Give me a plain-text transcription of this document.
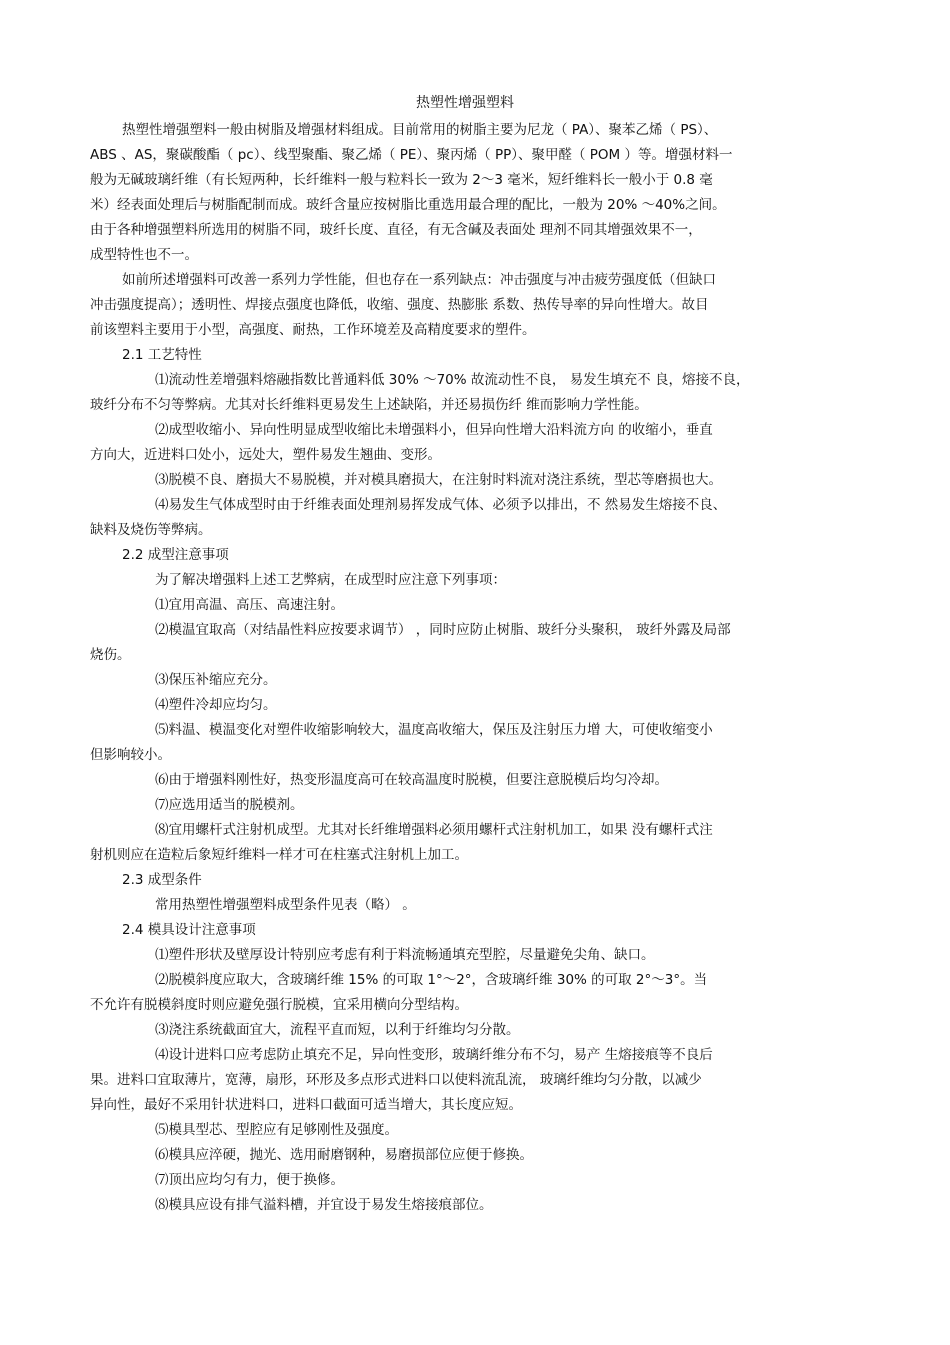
热塑性增强塑料
热塑性增强塑料一般由树脂及增强材料组成。目前常用的树脂主要为尼龙（ PA）、聚苯乙烯（ PS）、
ABS 、AS，聚碳酸酯（ pc）、线型聚酯、聚乙烯（ PE）、聚丙烯（ PP）、聚甲醛（ POM ）等。增强材料一
般为无碱玻璃纤维（有长短两种，长纤维料一般与粒料长一致为 2～3 毫米，短纤维料长一般小于 0.8 毫
米）经表面处理后与树脂配制而成。玻纤含量应按树脂比重选用最合理的配比，一般为 20% ～40%之间。
由于各种增强塑料所选用的树脂不同，玻纤长度、直径，有无含碱及表面处 理剂不同其增强效果不一，
成型特性也不一。
如前所述增强料可改善一系列力学性能，但也存在一系列缺点：冲击强度与冲击疲劳强度低（但缺口
冲击强度提高）；透明性、焊接点强度也降低，收缩、强度、热膨胀 系数、热传导率的异向性增大。故目
前该塑料主要用于小型，高强度、耐热，工作环境差及高精度要求的塑件。
2.1 工艺特性
⑴流动性差增强料熔融指数比普通料低 30% ～70% 故流动性不良， 易发生填充不 良，熔接不良，
玻纤分布不匀等弊病。尤其对长纤维料更易发生上述缺陷，并还易损伤纤 维而影响力学性能。
⑵成型收缩小、异向性明显成型收缩比未增强料小，但异向性增大沿料流方向 的收缩小，垂直
方向大，近进料口处小，远处大，塑件易发生翘曲、变形。
⑶脱模不良、磨损大不易脱模，并对模具磨损大，在注射时料流对浇注系统，型芯等磨损也大。
⑷易发生气体成型时由于纤维表面处理剂易挥发成气体、必须予以排出，不 然易发生熔接不良、
缺料及烧伤等弊病。
2.2 成型注意事项
为了解决增强料上述工艺弊病，在成型时应注意下列事项：
⑴宜用高温、高压、高速注射。
⑵模温宜取高（对结晶性料应按要求调节） ，同时应防止树脂、玻纤分头聚积， 玻纤外露及局部
烧伤。
⑶保压补缩应充分。
⑷塑件冷却应均匀。
⑸料温、模温变化对塑件收缩影响较大，温度高收缩大，保压及注射压力增 大，可使收缩变小
但影响较小。
⑹由于增强料刚性好，热变形温度高可在较高温度时脱模，但要注意脱模后均匀冷却。
⑺应选用适当的脱模剂。
⑻宜用螺杆式注射机成型。尤其对长纤维增强料必须用螺杆式注射机加工，如果 没有螺杆式注
射机则应在造粒后象短纤维料一样才可在柱塞式注射机上加工。
2.3 成型条件
常用热塑性增强塑料成型条件见表（略） 。
2.4 模具设计注意事项
⑴塑件形状及壁厚设计特别应考虑有利于料流畅通填充型腔，尽量避免尖角、缺口。
⑵脱模斜度应取大，含玻璃纤维 15% 的可取 1°～2°，含玻璃纤维 30% 的可取 2°～3°。当
不允许有脱模斜度时则应避免强行脱模，宜采用横向分型结构。
⑶浇注系统截面宜大，流程平直而短，以利于纤维均匀分散。
⑷设计进料口应考虑防止填充不足，异向性变形，玻璃纤维分布不匀，易产 生熔接痕等不良后
果。进料口宜取薄片，宽薄，扇形，环形及多点形式进料口以使料流乱流， 玻璃纤维均匀分散，以减少
异向性，最好不采用针状进料口，进料口截面可适当增大，其长度应短。
⑸模具型芯、型腔应有足够刚性及强度。
⑹模具应淬硬，抛光、选用耐磨钢种，易磨损部位应便于修换。
⑺顶出应均匀有力，便于换修。
⑻模具应设有排气溢料槽，并宜设于易发生熔接痕部位。
